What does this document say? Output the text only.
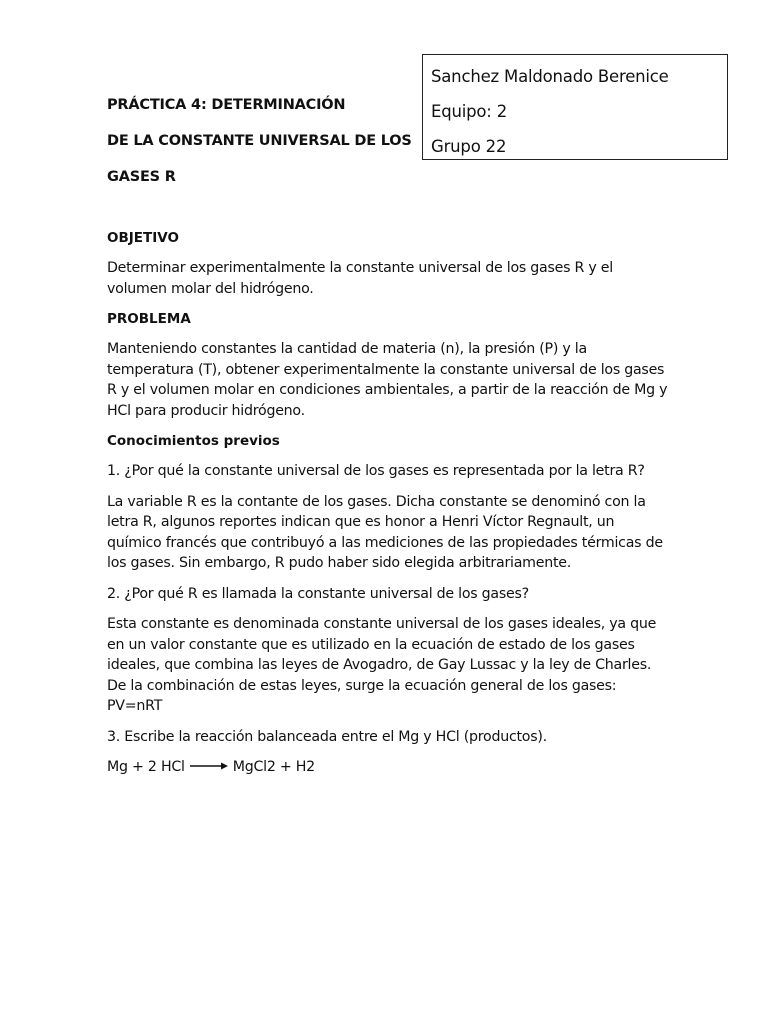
Sanchez Maldonado Berenice
Equipo: 2
Grupo 22
PRÁCTICA 4: DETERMINACIÓN
DE LA CONSTANTE UNIVERSAL DE LOS
GASES R
OBJETIVO
Determinar experimentalmente la constante universal de los gases R y el volumen molar del hidrógeno.
PROBLEMA
Manteniendo constantes la cantidad de materia (n), la presión (P) y la temperatura (T), obtener experimentalmente la constante universal de los gases R y el volumen molar en condiciones ambientales, a partir de la reacción de Mg y HCl para producir hidrógeno.
Conocimientos previos
1. ¿Por qué la constante universal de los gases es representada por la letra R?
La variable R es la contante de los gases. Dicha constante se denominó con la letra R, algunos reportes indican que es honor a Henri Víctor Regnault, un químico francés que contribuyó a las mediciones de las propiedades térmicas de los gases. Sin embargo, R pudo haber sido elegida arbitrariamente.
2. ¿Por qué R es llamada la constante universal de los gases?
Esta constante es denominada constante universal de los gases ideales, ya que en un valor constante que es utilizado en la ecuación de estado de los gases ideales, que combina las leyes de Avogadro, de Gay Lussac y la ley de Charles. De la combinación de estas leyes, surge la ecuación general de los gases: PV=nRT
3. Escribe la reacción balanceada entre el Mg y HCl (productos).
Mg + 2 HCl → MgCl2 + H2
